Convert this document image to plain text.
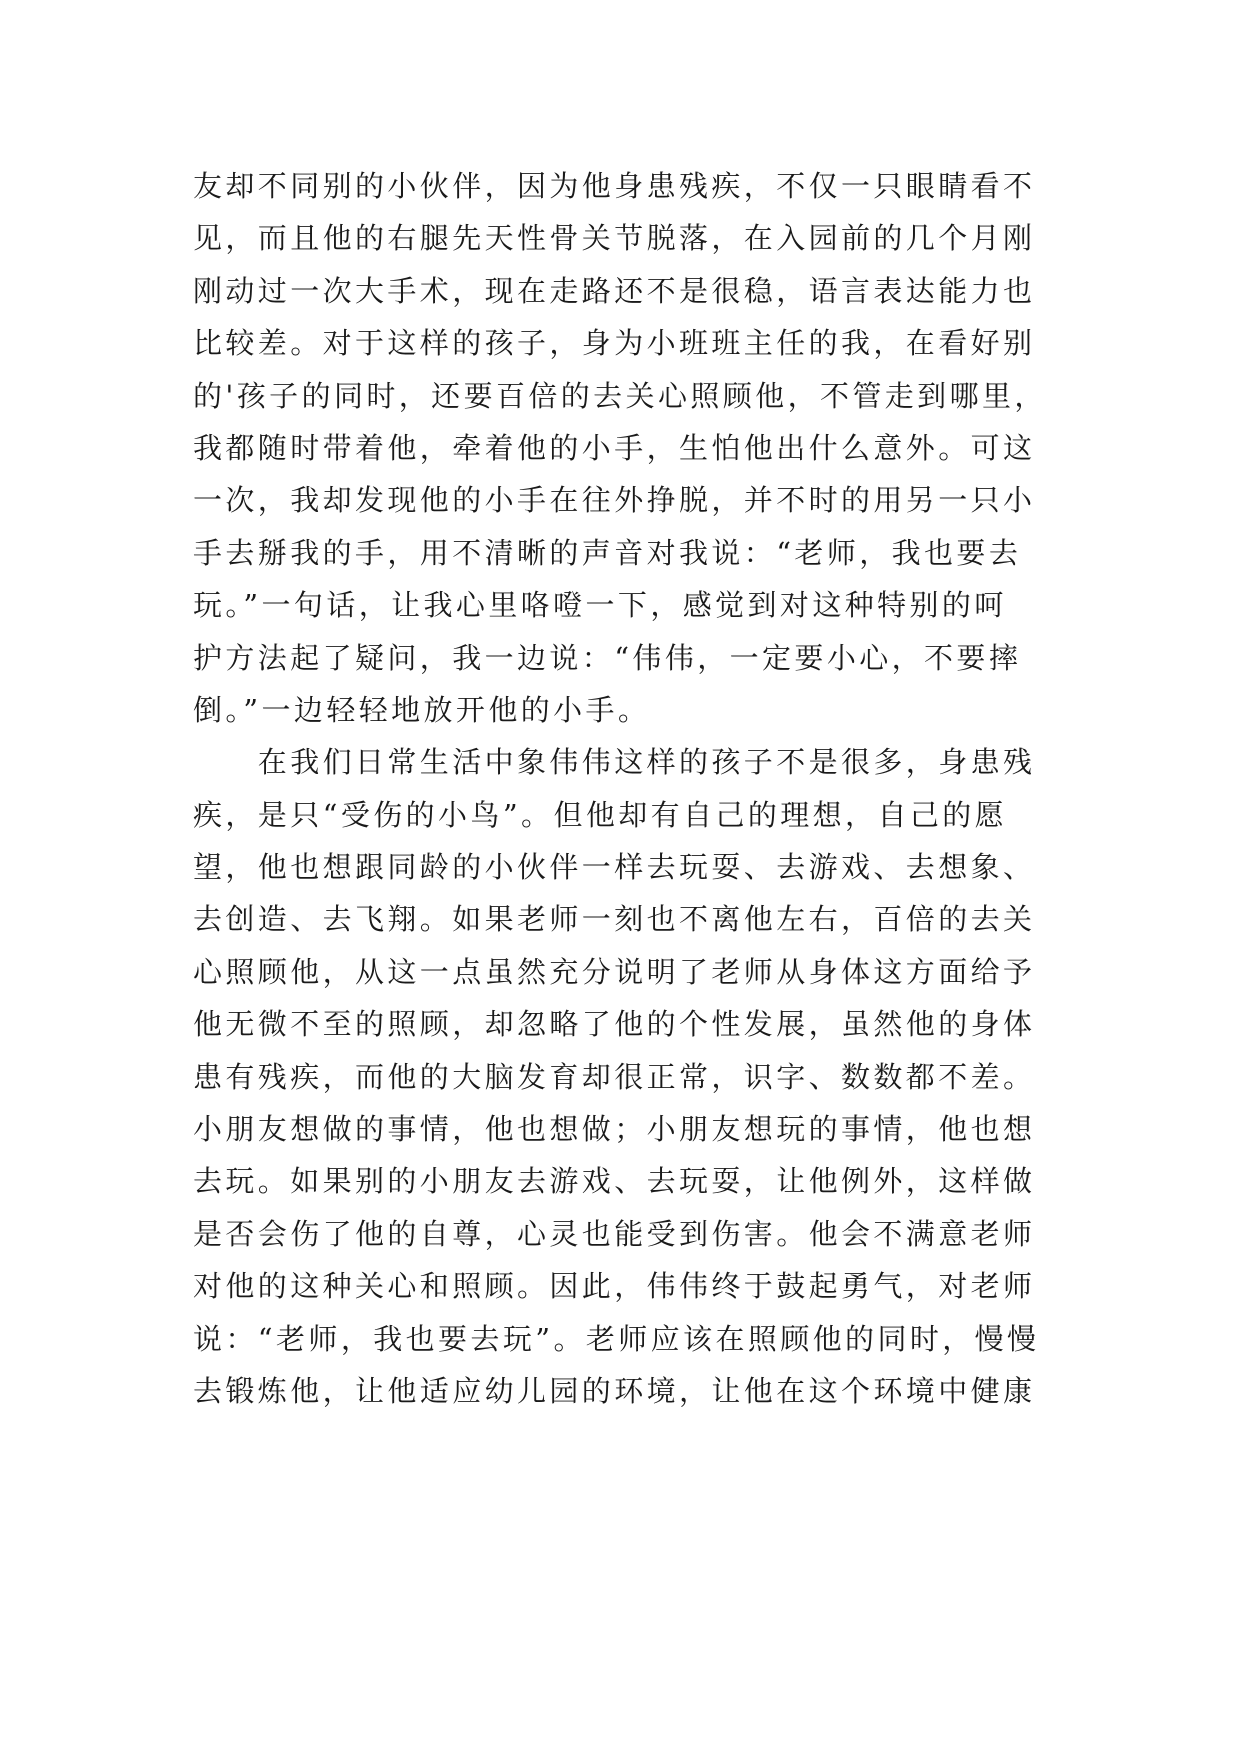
友却不同别的小伙伴，因为他身患残疾，不仅一只眼睛看不
见，而且他的右腿先天性骨关节脱落，在入园前的几个月刚
刚动过一次大手术，现在走路还不是很稳，语言表达能力也
比较差。对于这样的孩子，身为小班班主任的我，在看好别
的'孩子的同时，还要百倍的去关心照顾他，不管走到哪里，
我都随时带着他，牵着他的小手，生怕他出什么意外。可这
一次，我却发现他的小手在往外挣脱，并不时的用另一只小
手去掰我的手，用不清晰的声音对我说：“老师，我也要去
玩。”一句话，让我心里咯噔一下，感觉到对这种特别的呵
护方法起了疑问，我一边说：“伟伟，一定要小心，不要摔
倒。”一边轻轻地放开他的小手。
　　在我们日常生活中象伟伟这样的孩子不是很多，身患残
疾，是只“受伤的小鸟”。但他却有自己的理想，自己的愿
望，他也想跟同龄的小伙伴一样去玩耍、去游戏、去想象、
去创造、去飞翔。如果老师一刻也不离他左右，百倍的去关
心照顾他，从这一点虽然充分说明了老师从身体这方面给予
他无微不至的照顾，却忽略了他的个性发展，虽然他的身体
患有残疾，而他的大脑发育却很正常，识字、数数都不差。
小朋友想做的事情，他也想做；小朋友想玩的事情，他也想
去玩。如果别的小朋友去游戏、去玩耍，让他例外，这样做
是否会伤了他的自尊，心灵也能受到伤害。他会不满意老师
对他的这种关心和照顾。因此，伟伟终于鼓起勇气，对老师
说：“老师，我也要去玩”。老师应该在照顾他的同时，慢慢
去锻炼他，让他适应幼儿园的环境，让他在这个环境中健康
